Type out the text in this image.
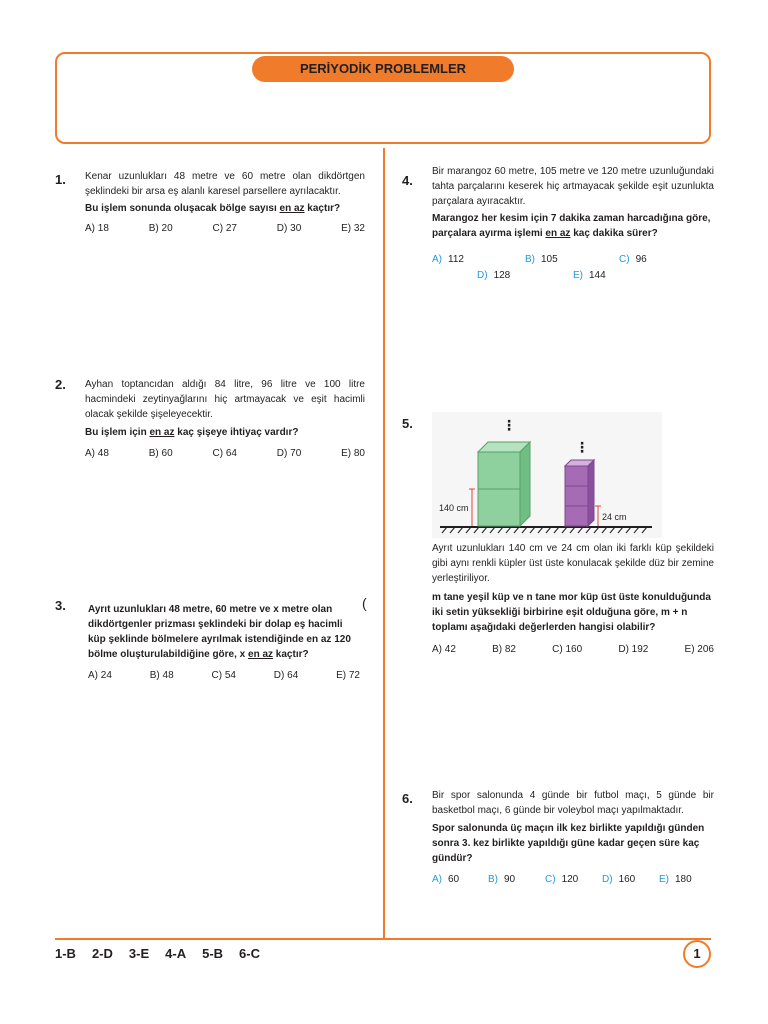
PERİYODİK PROBLEMLER
1. Kenar uzunlukları 48 metre ve 60 metre olan dikdörtgen şeklindeki bir arsa eş alanlı karesel parsellere ayrılacaktır.
Bu işlem sonunda oluşacak bölge sayısı en az kaçtır?
A) 18	B) 20	C) 27	D) 30	E) 32
2. Ayhan toptancıdan aldığı 84 litre, 96 litre ve 100 litre hacmindeki zeytinyağlarını hiç artmayacak ve eşit hacimli olacak şekilde şişeleyecektir.
Bu işlem için en az kaç şişeye ihtiyaç vardır?
A) 48	B) 60	C) 64	D) 70	E) 80
3. Ayrıt uzunlukları 48 metre, 60 metre ve x metre olan dikdörtgenler prizması şeklindeki bir dolap eş hacimli küp şeklinde bölmelere ayrılmak istendiğinde en az 120 bölme oluşturulabildiğine göre, x en az kaçtır?
A) 24	B) 48	C) 54	D) 64	E) 72
(
4.
Bir marangoz 60 metre, 105 metre ve 120 metre uzunluğundaki tahta parçalarını keserek hiç artmayacak şekilde eşit uzunlukta parçalara ayıracaktır.
Marangoz her kesim için 7 dakika zaman harcadığına göre, parçalara ayırma işlemi en az kaç dakika sürer?
A) 112	B) 105	C) 96
D) 128	E) 144
5.
140 cm
24 cm
⋮
⋮
Ayrıt uzunlukları 140 cm ve 24 cm olan iki farklı küp şekildeki gibi aynı renkli küpler üst üste konulacak şekilde düz bir zemine yerleştiriliyor.
m tane yeşil küp ve n tane mor küp üst üste konulduğunda iki setin yüksekliği birbirine eşit olduğuna göre, m + n toplamı aşağıdaki değerlerden hangisi olabilir?
A) 42	B) 82	C) 160	D) 192	E) 206
6. Bir spor salonunda 4 günde bir futbol maçı, 5 günde bir basketbol maçı, 6 günde bir voleybol maçı yapılmaktadır.
Spor salonunda üç maçın ilk kez birlikte yapıldığı günden sonra 3. kez birlikte yapıldığı güne kadar geçen süre kaç gündür?
A) 60	B) 90	C) 120 D) 160 E) 180
1-B 2-D 3-E 4-A 5-B 6-C	1
